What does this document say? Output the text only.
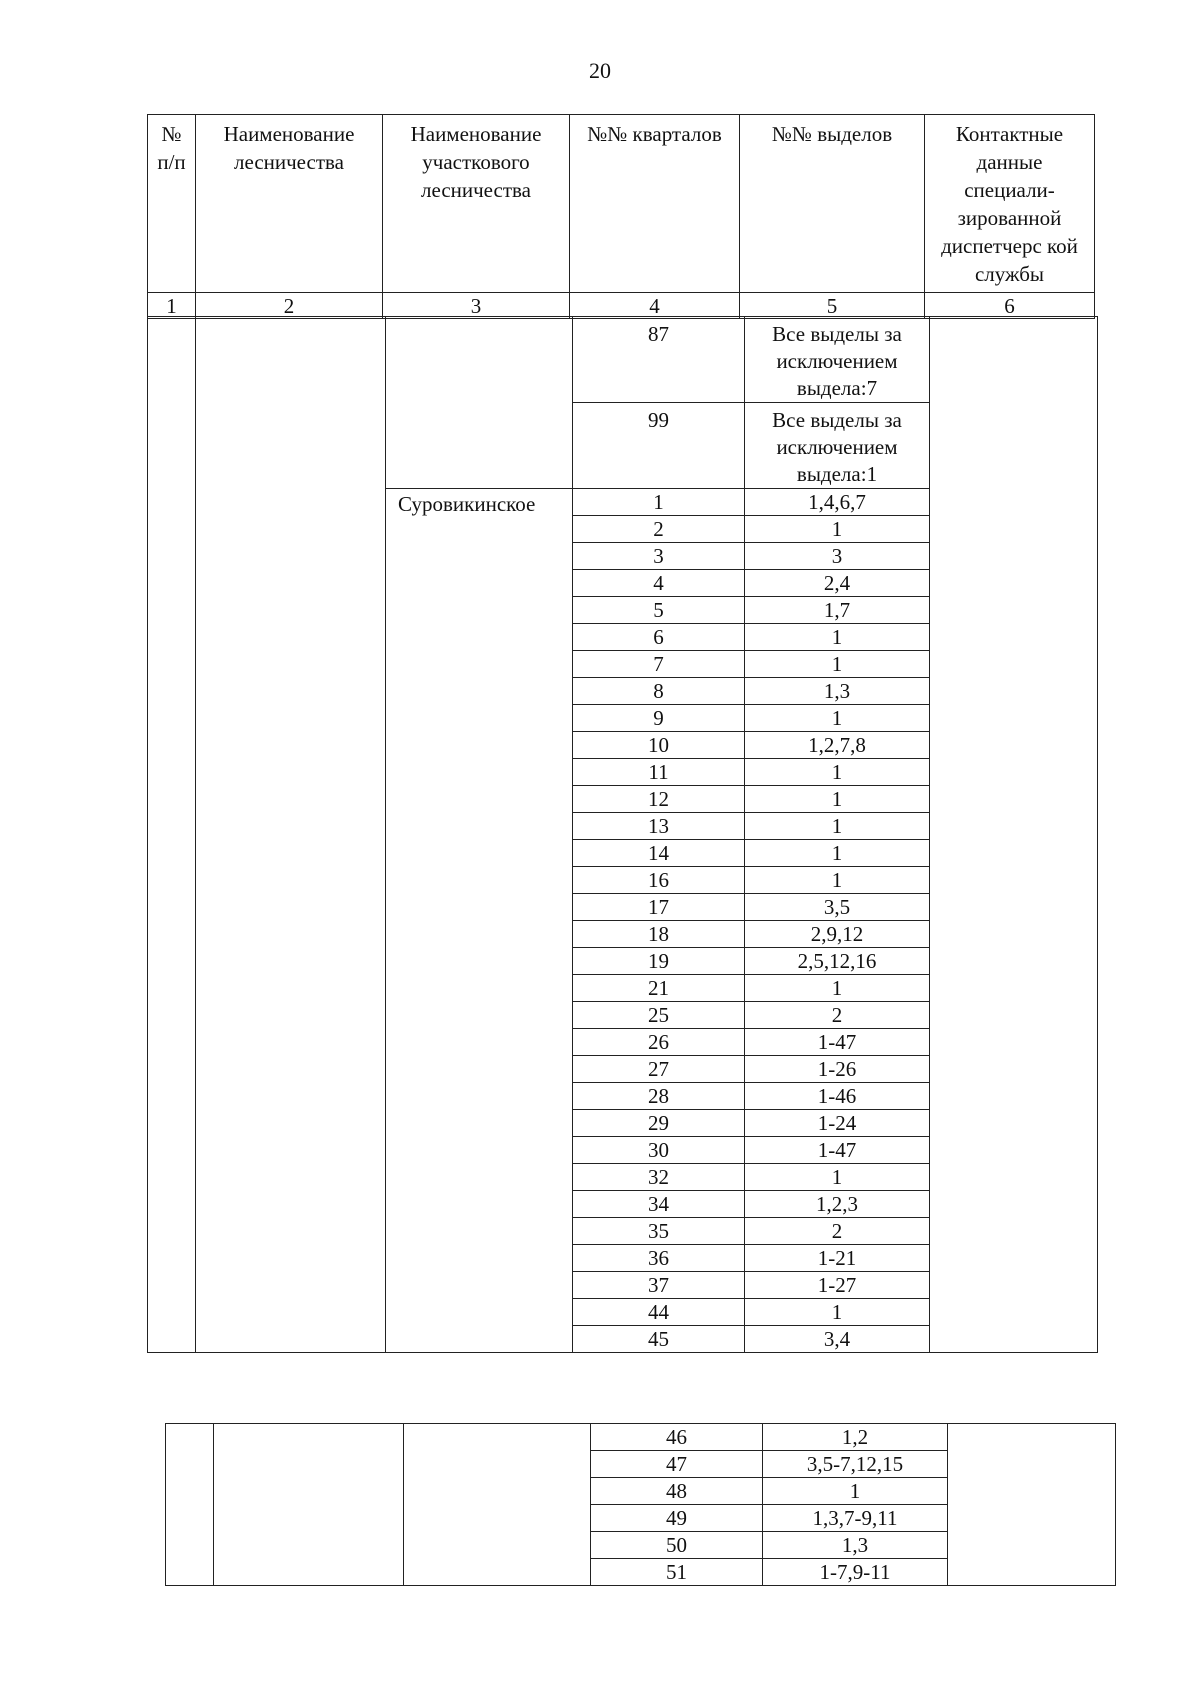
20
№ п/п	Наименование лесничества	Наименование участкового лесничества	№№ кварталов	№№ выделов	Контактные данные специали-зированной диспетчерс кой службы
1	2	3	4	5	6
			87	Все выделы за исключением выдела:7	
			99	Все выделы за исключением выдела:1	
		Суровикинское	1	1,4,6,7	
			2	1	
			3	3	
			4	2,4	
			5	1,7	
			6	1	
			7	1	
			8	1,3	
			9	1	
			10	1,2,7,8	
			11	1	
			12	1	
			13	1	
			14	1	
			16	1	
			17	3,5	
			18	2,9,12	
			19	2,5,12,16	
			21	1	
			25	2	
			26	1-47	
			27	1-26	
			28	1-46	
			29	1-24	
			30	1-47	
			32	1	
			34	1,2,3	
			35	2	
			36	1-21	
			37	1-27	
			44	1	
			45	3,4	
			46	1,2	
			47	3,5-7,12,15	
			48	1	
			49	1,3,7-9,11	
			50	1,3	
			51	1-7,9-11	
